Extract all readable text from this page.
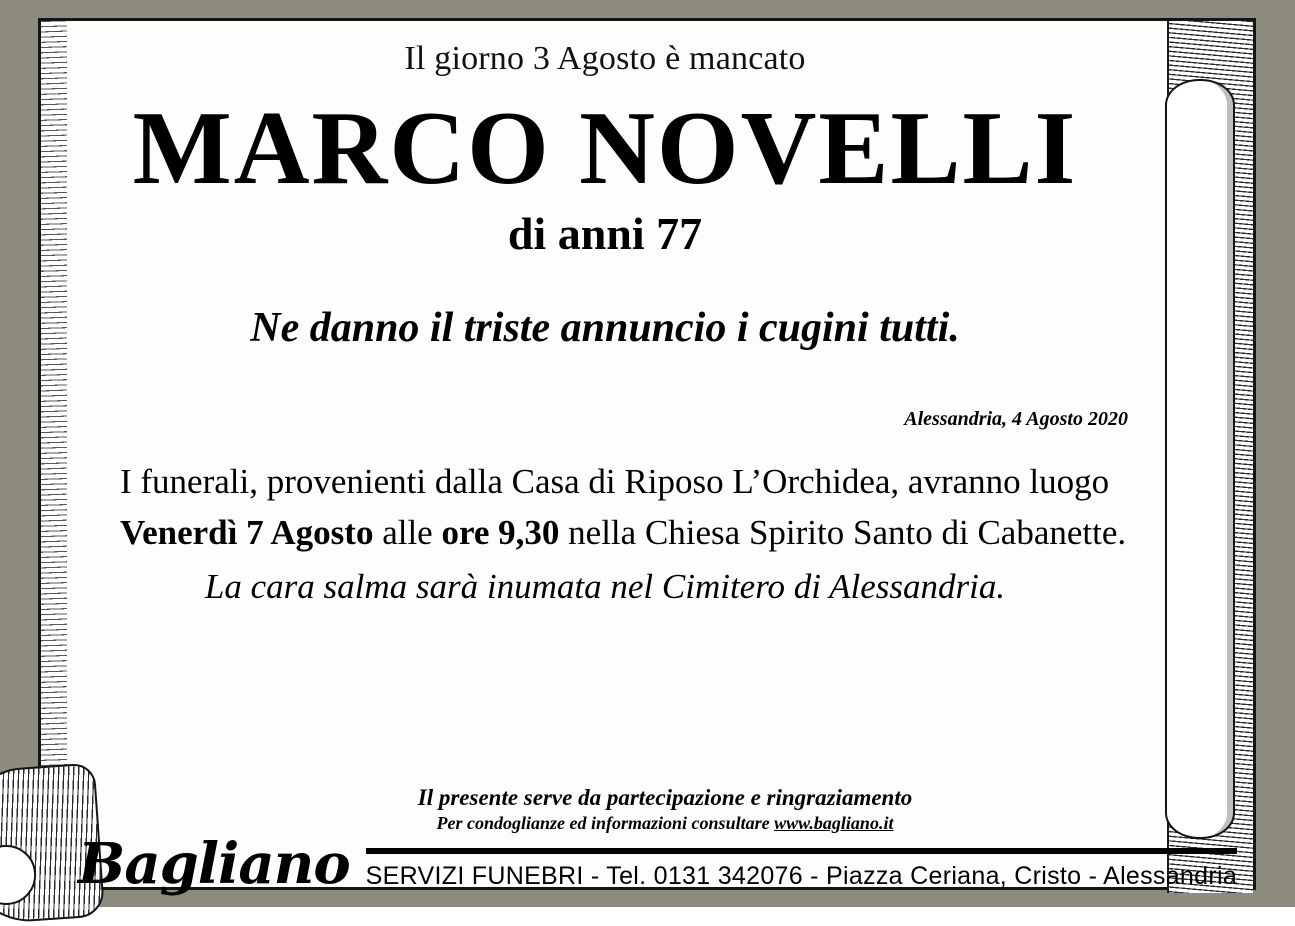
Il giorno 3 Agosto è mancato
MARCO NOVELLI
di anni 77
Ne danno il triste annuncio i cugini tutti.
Alessandria, 4 Agosto 2020
I funerali, provenienti dalla Casa di Riposo L’Orchidea, avranno luogo Venerdì 7 Agosto alle ore 9,30 nella Chiesa Spirito Santo di Cabanette.
La cara salma sarà inumata nel Cimitero di Alessandria.
Il presente serve da partecipazione e ringraziamento
Per condoglianze ed informazioni consultare www.bagliano.it
Bagliano SERVIZI FUNEBRI - Tel. 0131 342076 - Piazza Ceriana, Cristo - Alessandria
